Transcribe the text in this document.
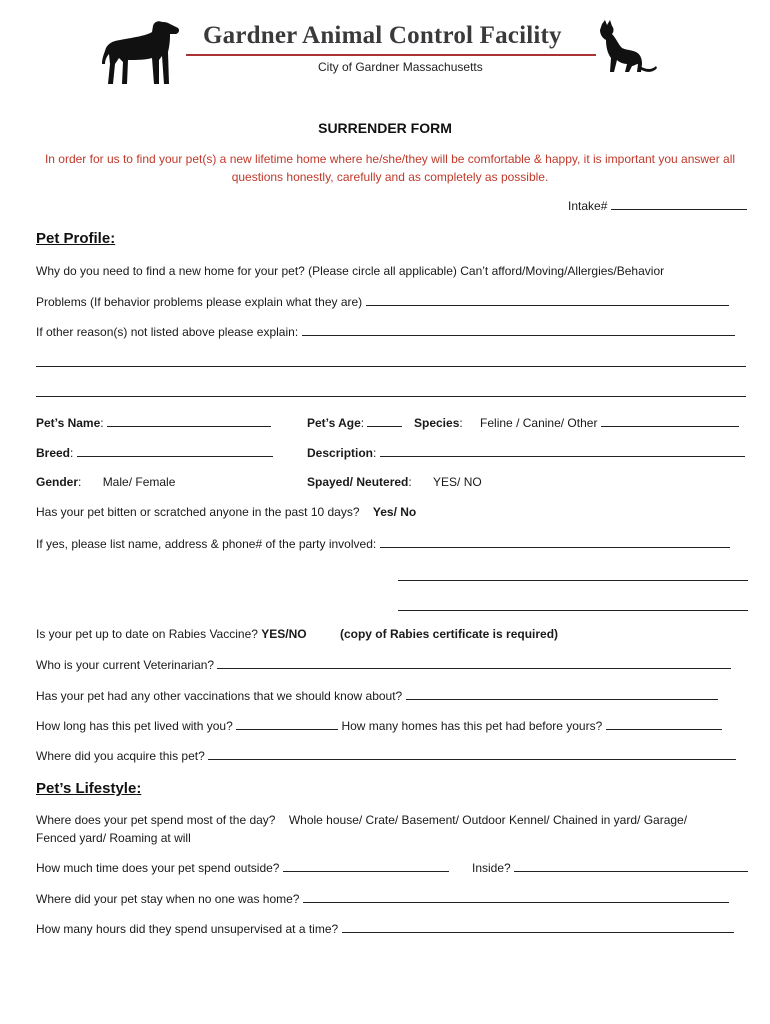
Gardner Animal Control Facility
City of Gardner Massachusetts
SURRENDER FORM
In order for us to find your pet(s) a new lifetime home where he/she/they will be comfortable & happy, it is important you answer all questions honestly, carefully and as completely as possible.
Intake#
Pet Profile:
Why do you need to find a new home for your pet? (Please circle all applicable) Can’t afford/Moving/Allergies/Behavior
Problems (If behavior problems please explain what they are)
If other reason(s) not listed above please explain:
Pet’s Name:	Pet’s Age:	Species: Feline / Canine/ Other
Breed:	Description:
Gender: Male/ Female	Spayed/ Neutered: YES/ NO
Has your pet bitten or scratched anyone in the past 10 days? Yes/ No
If yes, please list name, address & phone# of the party involved:
Is your pet up to date on Rabies Vaccine? YES/NO	(copy of Rabies certificate is required)
Who is your current Veterinarian?
Has your pet had any other vaccinations that we should know about?
How long has this pet lived with you?	How many homes has this pet had before yours?
Where did you acquire this pet?
Pet’s Lifestyle:
Where does your pet spend most of the day? Whole house/ Crate/ Basement/ Outdoor Kennel/ Chained in yard/ Garage/
Fenced yard/ Roaming at will
How much time does your pet spend outside?	Inside?
Where did your pet stay when no one was home?
How many hours did they spend unsupervised at a time?
